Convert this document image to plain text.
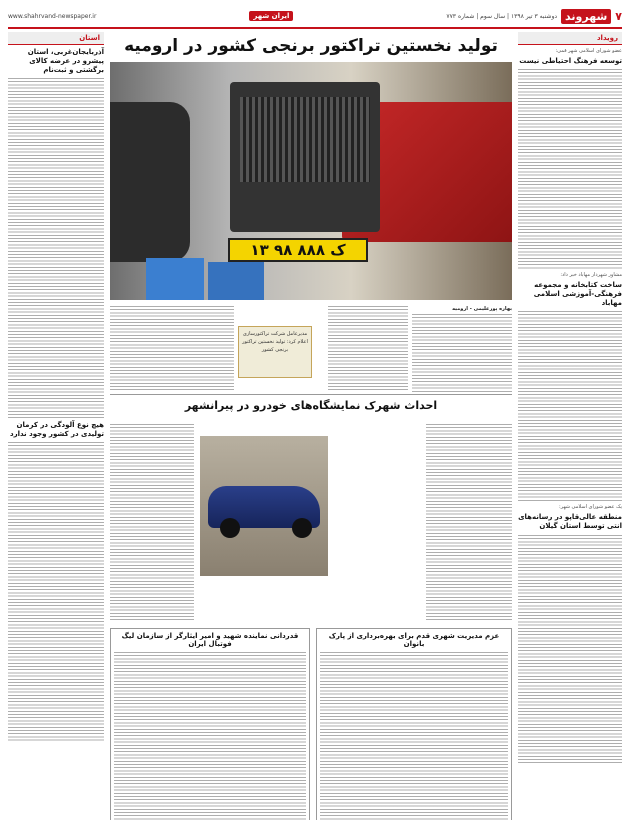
۷
شهروند
دوشنبه ۳ تیر ۱۳۹۸ | سال سوم | شماره ۷۷۳
ایران شهر
www.shahrvand-newspaper.ir
رویداد
عضو شورای اسلامی شهر قمی:
توسعه فرهنگ احتیاطی نیست
مشاور شهردار مهاباد خبر داد:
ساخت کتابخانه و مجموعه فرهنگی-آموزشی اسلامی مهاباد
یک عضو شورای اسلامی شهر:
منطقه عالی‌قاپو در رسانه‌های انتی توسط استان گیلان
استان
آذربایجان‌غربی، استان پیشرو در عرضه کالای برگشتی و ثبت‌نام
هیچ نوع آلودگی در کرمان تولیدی در کشور وجود ندارد
تولید نخستین تراکتور برنجی کشور در ارومیه
۱۳ ک ۸۸۸ ۹۸
بهاره پورعلیمی - ارومیه
مدیرعامل شرکت تراکتورسازی اعلام کرد: تولید نخستین تراکتور برنجی کشور
احداث شهرک نمایشگاه‌های خودرو در پیرانشهر
عزم مدیریت شهری قدم برای بهره‌برداری از پارک بانوان
قدردانی نماینده شهید و امیر ایثارگر از سازمان لیگ فوتبال ایران
